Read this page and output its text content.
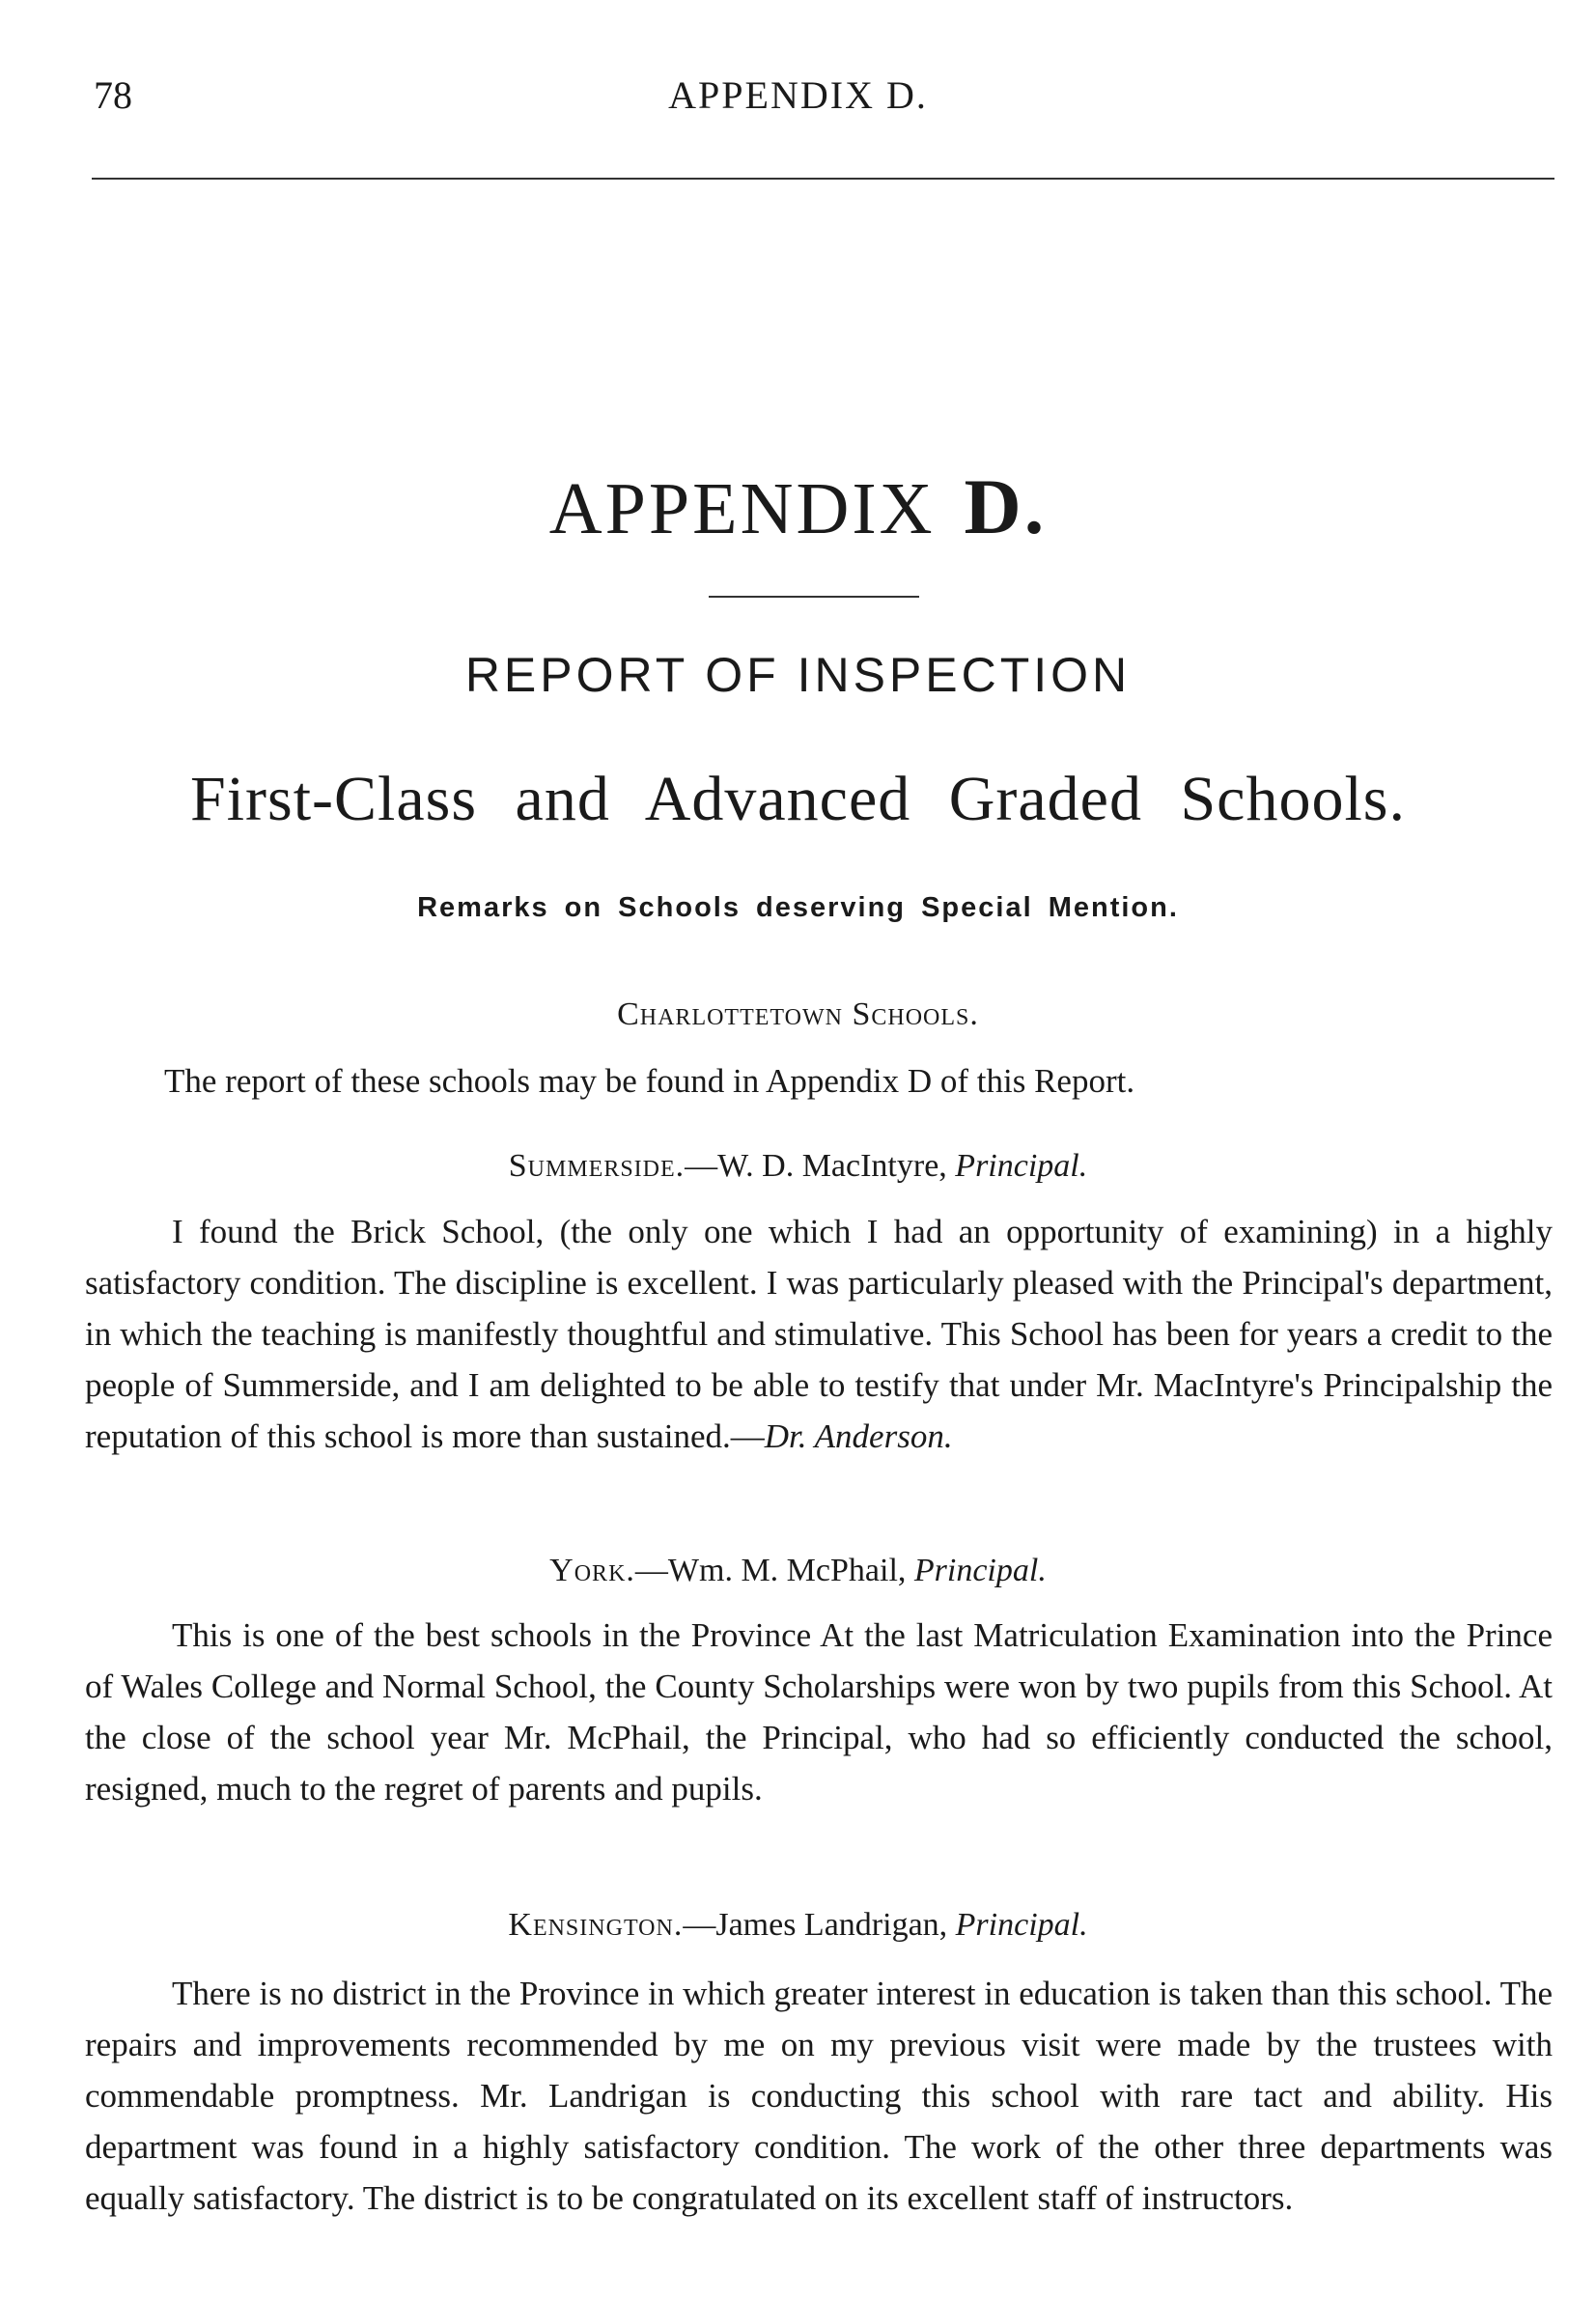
78	APPENDIX D.
APPENDIX D.
REPORT OF INSPECTION
First-Class and Advanced Graded Schools.
Remarks on Schools deserving Special Mention.
Charlottetown Schools.

The report of these schools may be found in Appendix D of this Report.

Summerside.—W. D. MacIntyre, Principal.

I found the Brick School, (the only one which I had an opportunity of examining) in a highly satisfactory condition. The discipline is excellent. I was particularly pleased with the Principal's department, in which the teaching is manifestly thoughtful and stimulative. This School has been for years a credit to the people of Summerside, and I am delighted to be able to testify that under Mr. MacIntyre's Principalship the reputation of this school is more than sustained.—Dr. Anderson.

York.—Wm. M. McPhail, Principal.

This is one of the best schools in the Province At the last Matriculation Examination into the Prince of Wales College and Normal School, the County Scholarships were won by two pupils from this School. At the close of the school year Mr. McPhail, the Principal, who had so efficiently conducted the school, resigned, much to the regret of parents and pupils.

Kensington.—James Landrigan, Principal.

There is no district in the Province in which greater interest in education is taken than this school. The repairs and improvements recommended by me on my previous visit were made by the trustees with commendable promptness. Mr. Landrigan is conducting this school with rare tact and ability. His department was found in a highly satisfactory condition. The work of the other three departments was equally satisfactory. The district is to be congratulated on its excellent staff of instructors.
